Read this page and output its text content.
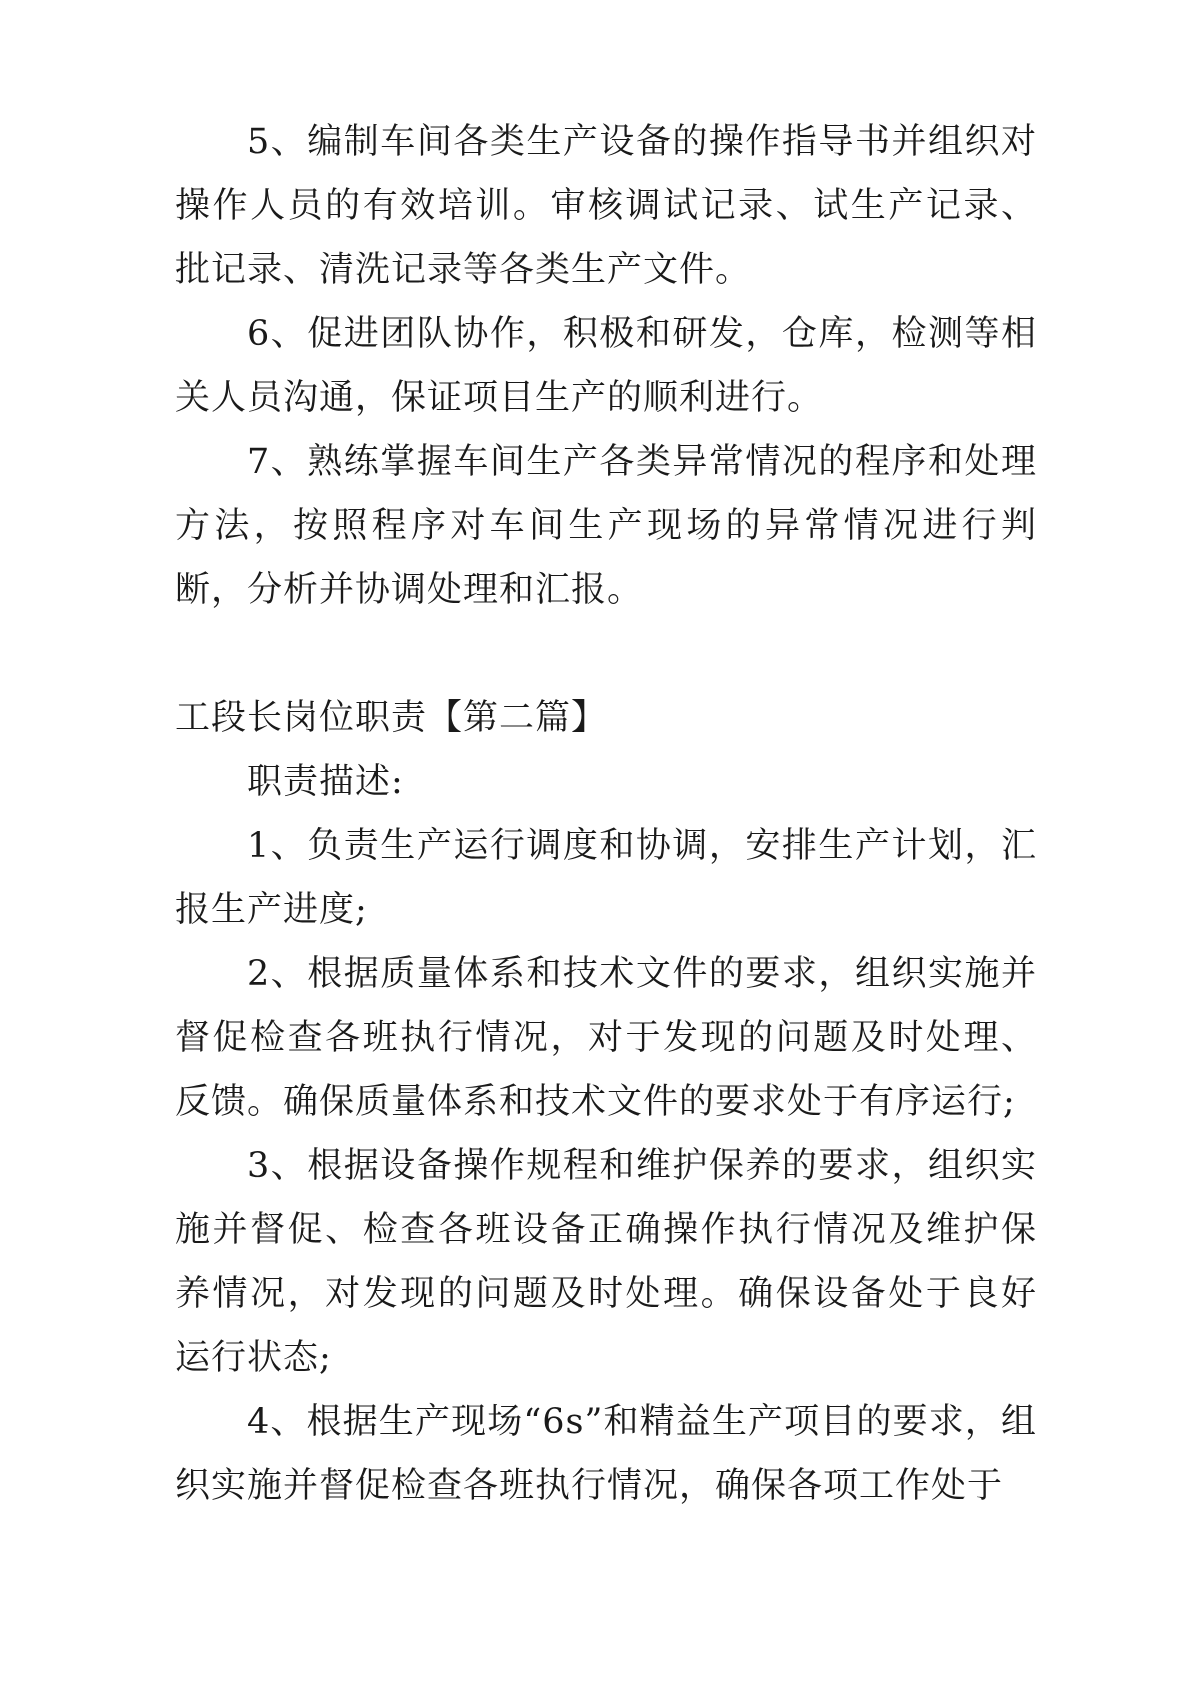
5、编制车间各类生产设备的操作指导书并组织对操作人员的有效培训。审核调试记录、试生产记录、批记录、清洗记录等各类生产文件。

6、促进团队协作，积极和研发，仓库，检测等相关人员沟通，保证项目生产的顺利进行。

7、熟练掌握车间生产各类异常情况的程序和处理方法，按照程序对车间生产现场的异常情况进行判断，分析并协调处理和汇报。

工段长岗位职责【第二篇】

职责描述:

1、负责生产运行调度和协调，安排生产计划，汇报生产进度;

2、根据质量体系和技术文件的要求，组织实施并督促检查各班执行情况，对于发现的问题及时处理、反馈。确保质量体系和技术文件的要求处于有序运行;

3、根据设备操作规程和维护保养的要求，组织实施并督促、检查各班设备正确操作执行情况及维护保养情况，对发现的问题及时处理。确保设备处于良好运行状态;

4、根据生产现场“6s”和精益生产项目的要求，组织实施并督促检查各班执行情况，确保各项工作处于
